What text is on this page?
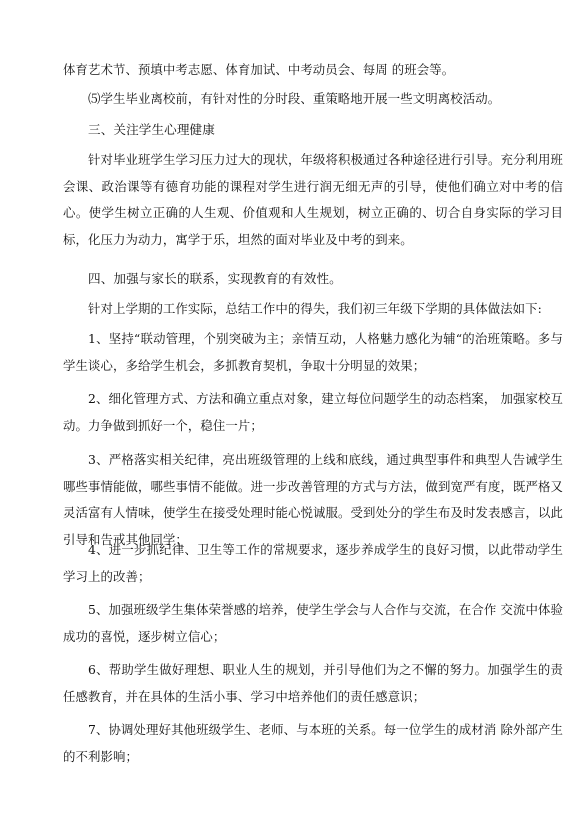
体育艺术节、预填中考志愿、体育加试、中考动员会、每周 的班会等。

⑸学生毕业离校前，有针对性的分时段、重策略地开展一些文明离校活动。

三、关注学生心理健康

针对毕业班学生学习压力过大的现状，年级将积极通过各种途径进行引导。充分利用班会课、政治课等有德育功能的课程对学生进行润无细无声的引导，使他们确立对中考的信心。使学生树立正确的人生观、价值观和人生规划，树立正确的、切合自身实际的学习目标，化压力为动力，寓学于乐，坦然的面对毕业及中考的到来。

四、加强与家长的联系，实现教育的有效性。

针对上学期的工作实际，总结工作中的得失，我们初三年级下学期的具体做法如下:

1、坚持“联动管理，个别突破为主；亲情互动，人格魅力感化为辅“的治班策略。多与学生谈心，多给学生机会，多抓教育契机，争取十分明显的效果；

2、细化管理方式、方法和确立重点对象，建立每位问题学生的动态档案， 加强家校互动。力争做到抓好一个，稳住一片；

3、严格落实相关纪律，亮出班级管理的上线和底线，通过典型事件和典型人告诫学生哪些事情能做，哪些事情不能做。进一步改善管理的方式与方法，做到宽严有度，既严格又灵活富有人情味，使学生在接受处理时能心悦诚服。受到处分的学生布及时发表感言，以此引导和告戒其他同学；

4、进一步抓纪律、卫生等工作的常规要求，逐步养成学生的良好习惯，以此带动学生学习上的改善；

5、加强班级学生集体荣誉感的培养，使学生学会与人合作与交流，在合作 交流中体验成功的喜悦，逐步树立信心；

6、帮助学生做好理想、职业人生的规划，并引导他们为之不懈的努力。加强学生的责任感教育，并在具体的生活小事、学习中培养他们的责任感意识；

7、协调处理好其他班级学生、老师、与本班的关系。每一位学生的成材消 除外部产生的不利影响；
